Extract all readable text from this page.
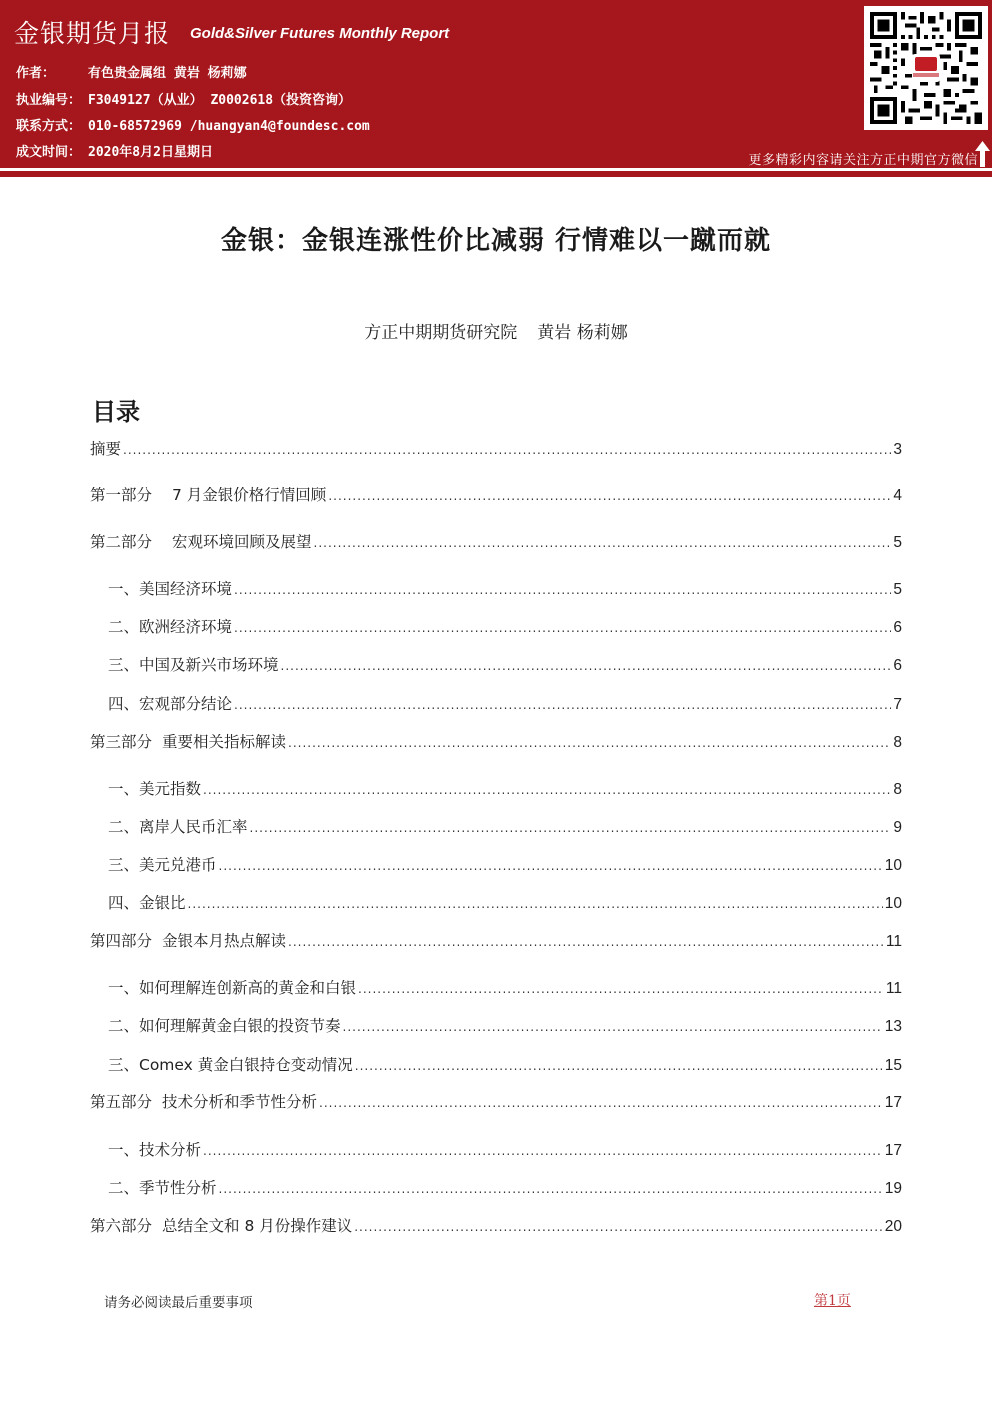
金银期货月报 Gold&Silver Futures Monthly Report
作者：	有色贵金属组 黄岩 杨莉娜
执业编号： F3049127（从业） Z0002618（投资咨询）
联系方式： 010-68572969 /huangyan4@foundesc.com
成文时间： 2020年8月2日星期日
更多精彩内容请关注方正中期官方微信
金银：金银连涨性价比减弱 行情难以一蹴而就
方正中期期货研究院 黄岩 杨莉娜
目录
摘要 .....	3
第一部分 7 月金银价格行情回顾 .....	4
第二部分 宏观环境回顾及展望 .....	5
一、美国经济环境 .....	5
二、欧洲经济环境 .....	6
三、中国及新兴市场环境 .....	6
四、宏观部分结论 .....	7
第三部分 重要相关指标解读 .....	8
一、美元指数 .....	8
二、离岸人民币汇率 .....	9
三、美元兑港币 .....	10
四、金银比 .....	10
第四部分 金银本月热点解读 .....	11
一、如何理解连创新高的黄金和白银 .....	11
二、如何理解黄金白银的投资节奏 .....	13
三、Comex 黄金白银持仓变动情况 .....	15
第五部分 技术分析和季节性分析 .....	17
一、技术分析 .....	17
二、季节性分析 .....	19
第六部分 总结全文和 8 月份操作建议 .....	20
请务必阅读最后重要事项	第1页
